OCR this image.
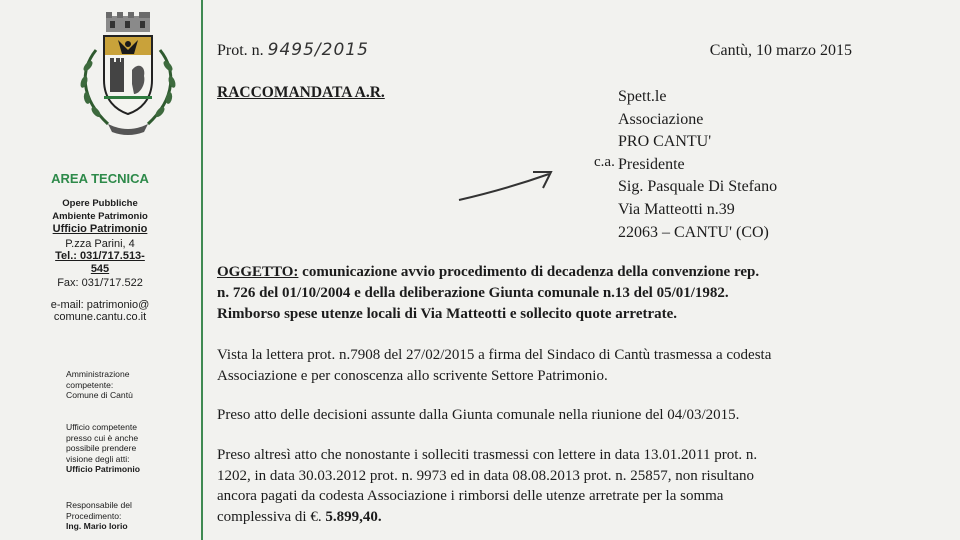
AREA TECNICA
Opere Pubbliche
Ambiente Patrimonio
Ufficio Patrimonio
P.zza Parini, 4
Tel.: 031/717.513-
545
Fax: 031/717.522
e-mail: patrimonio@
comune.cantu.co.it
Amministrazione
competente:
Comune di Cantù
Ufficio competente
presso cui è anche
possibile prendere
visione degli atti:
Ufficio Patrimonio
Responsabile del
Procedimento:
Ing. Mario Iorio
Prot. n. 9495/2015	Cantù, 10 marzo 2015
RACCOMANDATA A.R.	Spett.le
Associazione
PRO CANTU'
Presidente
Sig. Pasquale Di Stefano
Via Matteotti n.39
22063 – CANTU' (CO)
c.a.
OGGETTO: comunicazione avvio procedimento di decadenza della convenzione rep.
n. 726 del 01/10/2004 e della deliberazione Giunta comunale n.13 del 05/01/1982.
Rimborso spese utenze locali di Via Matteotti e sollecito quote arretrate.
Vista la lettera prot. n.7908 del 27/02/2015 a firma del Sindaco di Cantù trasmessa a codesta
Associazione e per conoscenza allo scrivente Settore Patrimonio.
Preso atto delle decisioni assunte dalla Giunta comunale nella riunione del 04/03/2015.
Preso altresì atto che nonostante i solleciti trasmessi con lettere in data 13.01.2011 prot. n.
1202, in data 30.03.2012 prot. n. 9973 ed in data 08.08.2013 prot. n. 25857, non risultano
ancora pagati da codesta Associazione i rimborsi delle utenze arretrate per la somma
complessiva di €. 5.899,40.
